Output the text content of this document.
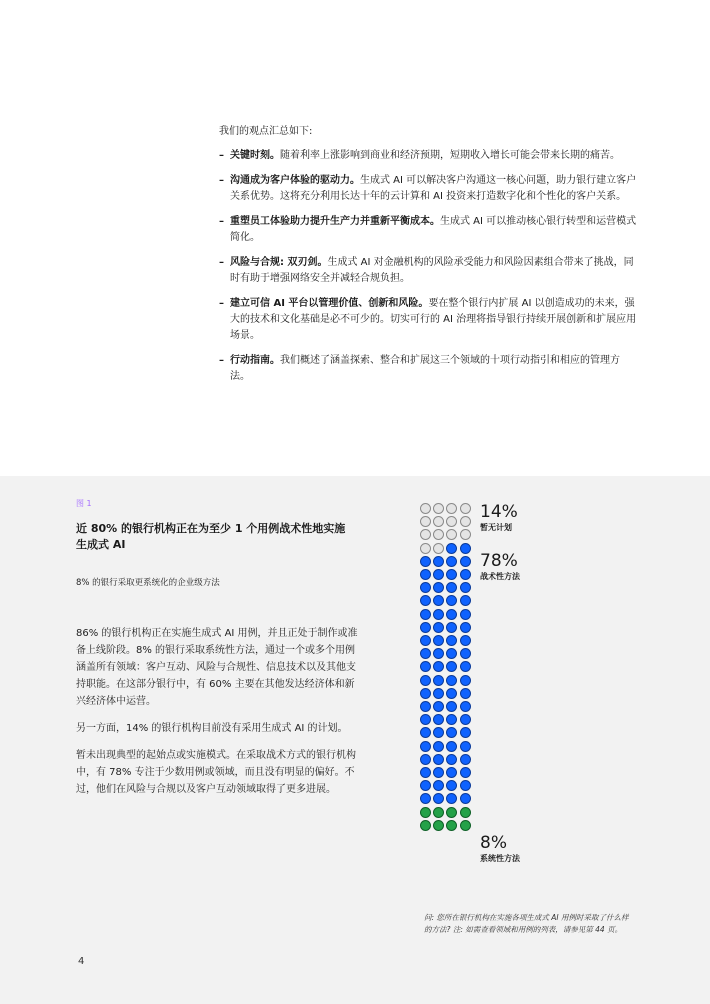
我们的观点汇总如下:

– 关键时刻。随着利率上涨影响到商业和经济预期，短期收入增长可能会带来长期的痛苦。
– 沟通成为客户体验的驱动力。生成式 AI 可以解决客户沟通这一核心问题，助力银行建立客户关系优势。这将充分利用长达十年的云计算和 AI 投资来打造数字化和个性化的客户关系。
– 重塑员工体验助力提升生产力并重新平衡成本。生成式 AI 可以推动核心银行转型和运营模式简化。
– 风险与合规: 双刃剑。生成式 AI 对金融机构的风险承受能力和风险因素组合带来了挑战，同时有助于增强网络安全并减轻合规负担。
– 建立可信 AI 平台以管理价值、创新和风险。要在整个银行内扩展 AI 以创造成功的未来，强大的技术和文化基础是必不可少的。切实可行的 AI 治理将指导银行持续开展创新和扩展应用场景。
– 行动指南。我们概述了涵盖探索、整合和扩展这三个领域的十项行动指引和相应的管理方法。
图 1
近 80% 的银行机构正在为至少 1 个用例战术性地实施生成式 AI
8% 的银行采取更系统化的企业级方法

86% 的银行机构正在实施生成式 AI 用例，并且正处于制作或准备上线阶段。8% 的银行采取系统性方法，通过一个或多个用例涵盖所有领域：客户互动、风险与合规性、信息技术以及其他支持职能。在这部分银行中，有 60% 主要在其他发达经济体和新兴经济体中运营。

另一方面，14% 的银行机构目前没有采用生成式 AI 的计划。

暂未出现典型的起始点或实施模式。在采取战术方式的银行机构中，有 78% 专注于少数用例或领域，而且没有明显的偏好。不过，他们在风险与合规以及客户互动领域取得了更多进展。

14%
暂无计划
78%
战术性方法
8%
系统性方法
问: 您所在银行机构在实施各项生成式 AI 用例时采取了什么样的方法? 注: 如需查看领域和用例的列表，请参见第 44 页。
4
